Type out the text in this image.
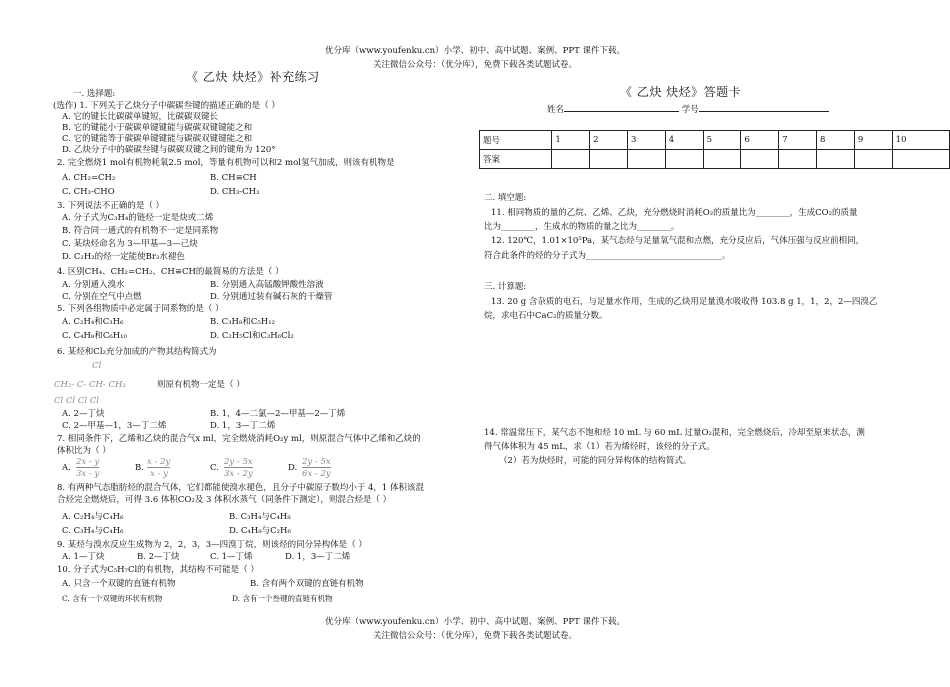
优分库（www.youfenku.cn）小学、初中、高中试题、案例、PPT 课件下载。
关注微信公众号：（优分库），免费下载各类试题试卷。
《 乙炔 炔烃》补充练习
一. 选择题:
(选作) 1. 下列关于乙炔分子中碳碳叁键的描述正确的是（ ）
A. 它的键长比碳碳单键短，比碳碳双键长
B. 它的键能小于碳碳单键键能与碳碳双键键能之和
C. 它的键能等于碳碳单键键能与碳碳双键键能之和
D. 乙炔分子中的碳碳叁键与碳碳双键之间的键角为 120°
2. 完全燃烧1 mol有机物耗氧2.5 mol，等量有机物可以和2 mol氢气加成，则该有机物是
A. CH₂=CH₂	B. CH≡CH
C. CH₃-CHO	D. CH₃-CH₃
3. 下列说法不正确的是（ ）
A. 分子式为C₃H₄的链烃一定是炔或二烯
B. 符合同一通式的有机物不一定是同系物
C. 某炔烃命名为 3—甲基—3—己炔
D. C₂H₂的烃一定能使Br₂水褪色
4. 区别CH₄、CH₂=CH₂、CH≡CH的最简易的方法是（ ）
A. 分别通入溴水	B. 分别通入高锰酸钾酸性溶液
C. 分别在空气中点燃	D. 分别通过装有碱石灰的干燥管
5. 下列各组物质中必定属于同系物的是（ ）
A. C₂H₄和C₃H₆	B. C₃H₈和C₅H₁₂
C. C₄H₈和C₆H₁₀	D. C₂H₅Cl和C₃H₆Cl₂
6. 某烃和Cl₂充分加成的产物其结构简式为
Cl
CH₂- C- CH- CH₂
Cl Cl Cl Cl
则原有机物一定是（ ）
A. 2—丁炔	B. 1，4—二氯—2—甲基—2—丁烯
C. 2—甲基—1，3—丁二烯	D. 1，3—丁二烯
7. 相同条件下，乙烯和乙炔的混合气x ml，完全燃烧消耗O₂y ml，则原混合气体中乙烯和乙炔的
体积比为（ ）
A.
2x - y
3x - y
B.
x - 2y
x - y
C.
2y - 5x
3x - 2y
D.
2y - 5x
6x - 2y
8. 有两种气态脂肪烃的混合气体，它们都能使溴水褪色，且分子中碳原子数均小于 4，1 体积该混
合烃完全燃烧后，可得 3.6 体积CO₂及 3 体积水蒸气（同条件下测定），则混合烃是（ ）
A. C₂H₄与C₄H₆	B. C₃H₄与C₄H₈
C. C₃H₄与C₄H₆	D. C₄H₈与C₂H₆
9. 某烃与溴水反应生成物为 2，2，3，3—四溴丁烷，则该烃的同分异构体是（ ）
A. 1—丁炔	B. 2—丁炔	C. 1—丁烯	D. 1，3—丁二烯
10. 分子式为C₅H₇Cl的有机物，其结构不可能是（ ）
A. 只含一个双键的直链有机物	B. 含有两个双键的直链有机物
C. 含有一个双键的环状有机物	D. 含有一个叁键的直链有机物
《 乙炔 炔烃》答题卡
姓名	学号
题号	1	2	3	4	5	6	7	8	9	10
答案										
二. 填空题:
11. 相同物质的量的乙烷、乙烯、乙炔，充分燃烧时消耗O₂的质量比为________，生成CO₂的质量
比为________，生成水的物质的量之比为________。
12. 120℃，1.01×10⁵Pa，某气态烃与足量氧气混和点燃，充分反应后，气体压强与反应前相同，
符合此条件的烃的分子式为________________________________。
三. 计算题:
13. 20 g 含杂质的电石，与足量水作用，生成的乙炔用足量溴水吸收得 103.8 g 1，1，2，2—四溴乙
烷，求电石中CaC₂的质量分数。
14. 常温常压下，某气态不饱和烃 10 mL 与 60 mL 过量O₂混和，完全燃烧后，冷却至原来状态，测
得气体体积为 45 mL，求（1）若为烯烃时，该烃的分子式。
（2）若为炔烃时，可能的同分异构体的结构简式。
优分库（www.youfenku.cn）小学、初中、高中试题、案例、PPT 课件下载。
关注微信公众号：（优分库），免费下载各类试题试卷。
